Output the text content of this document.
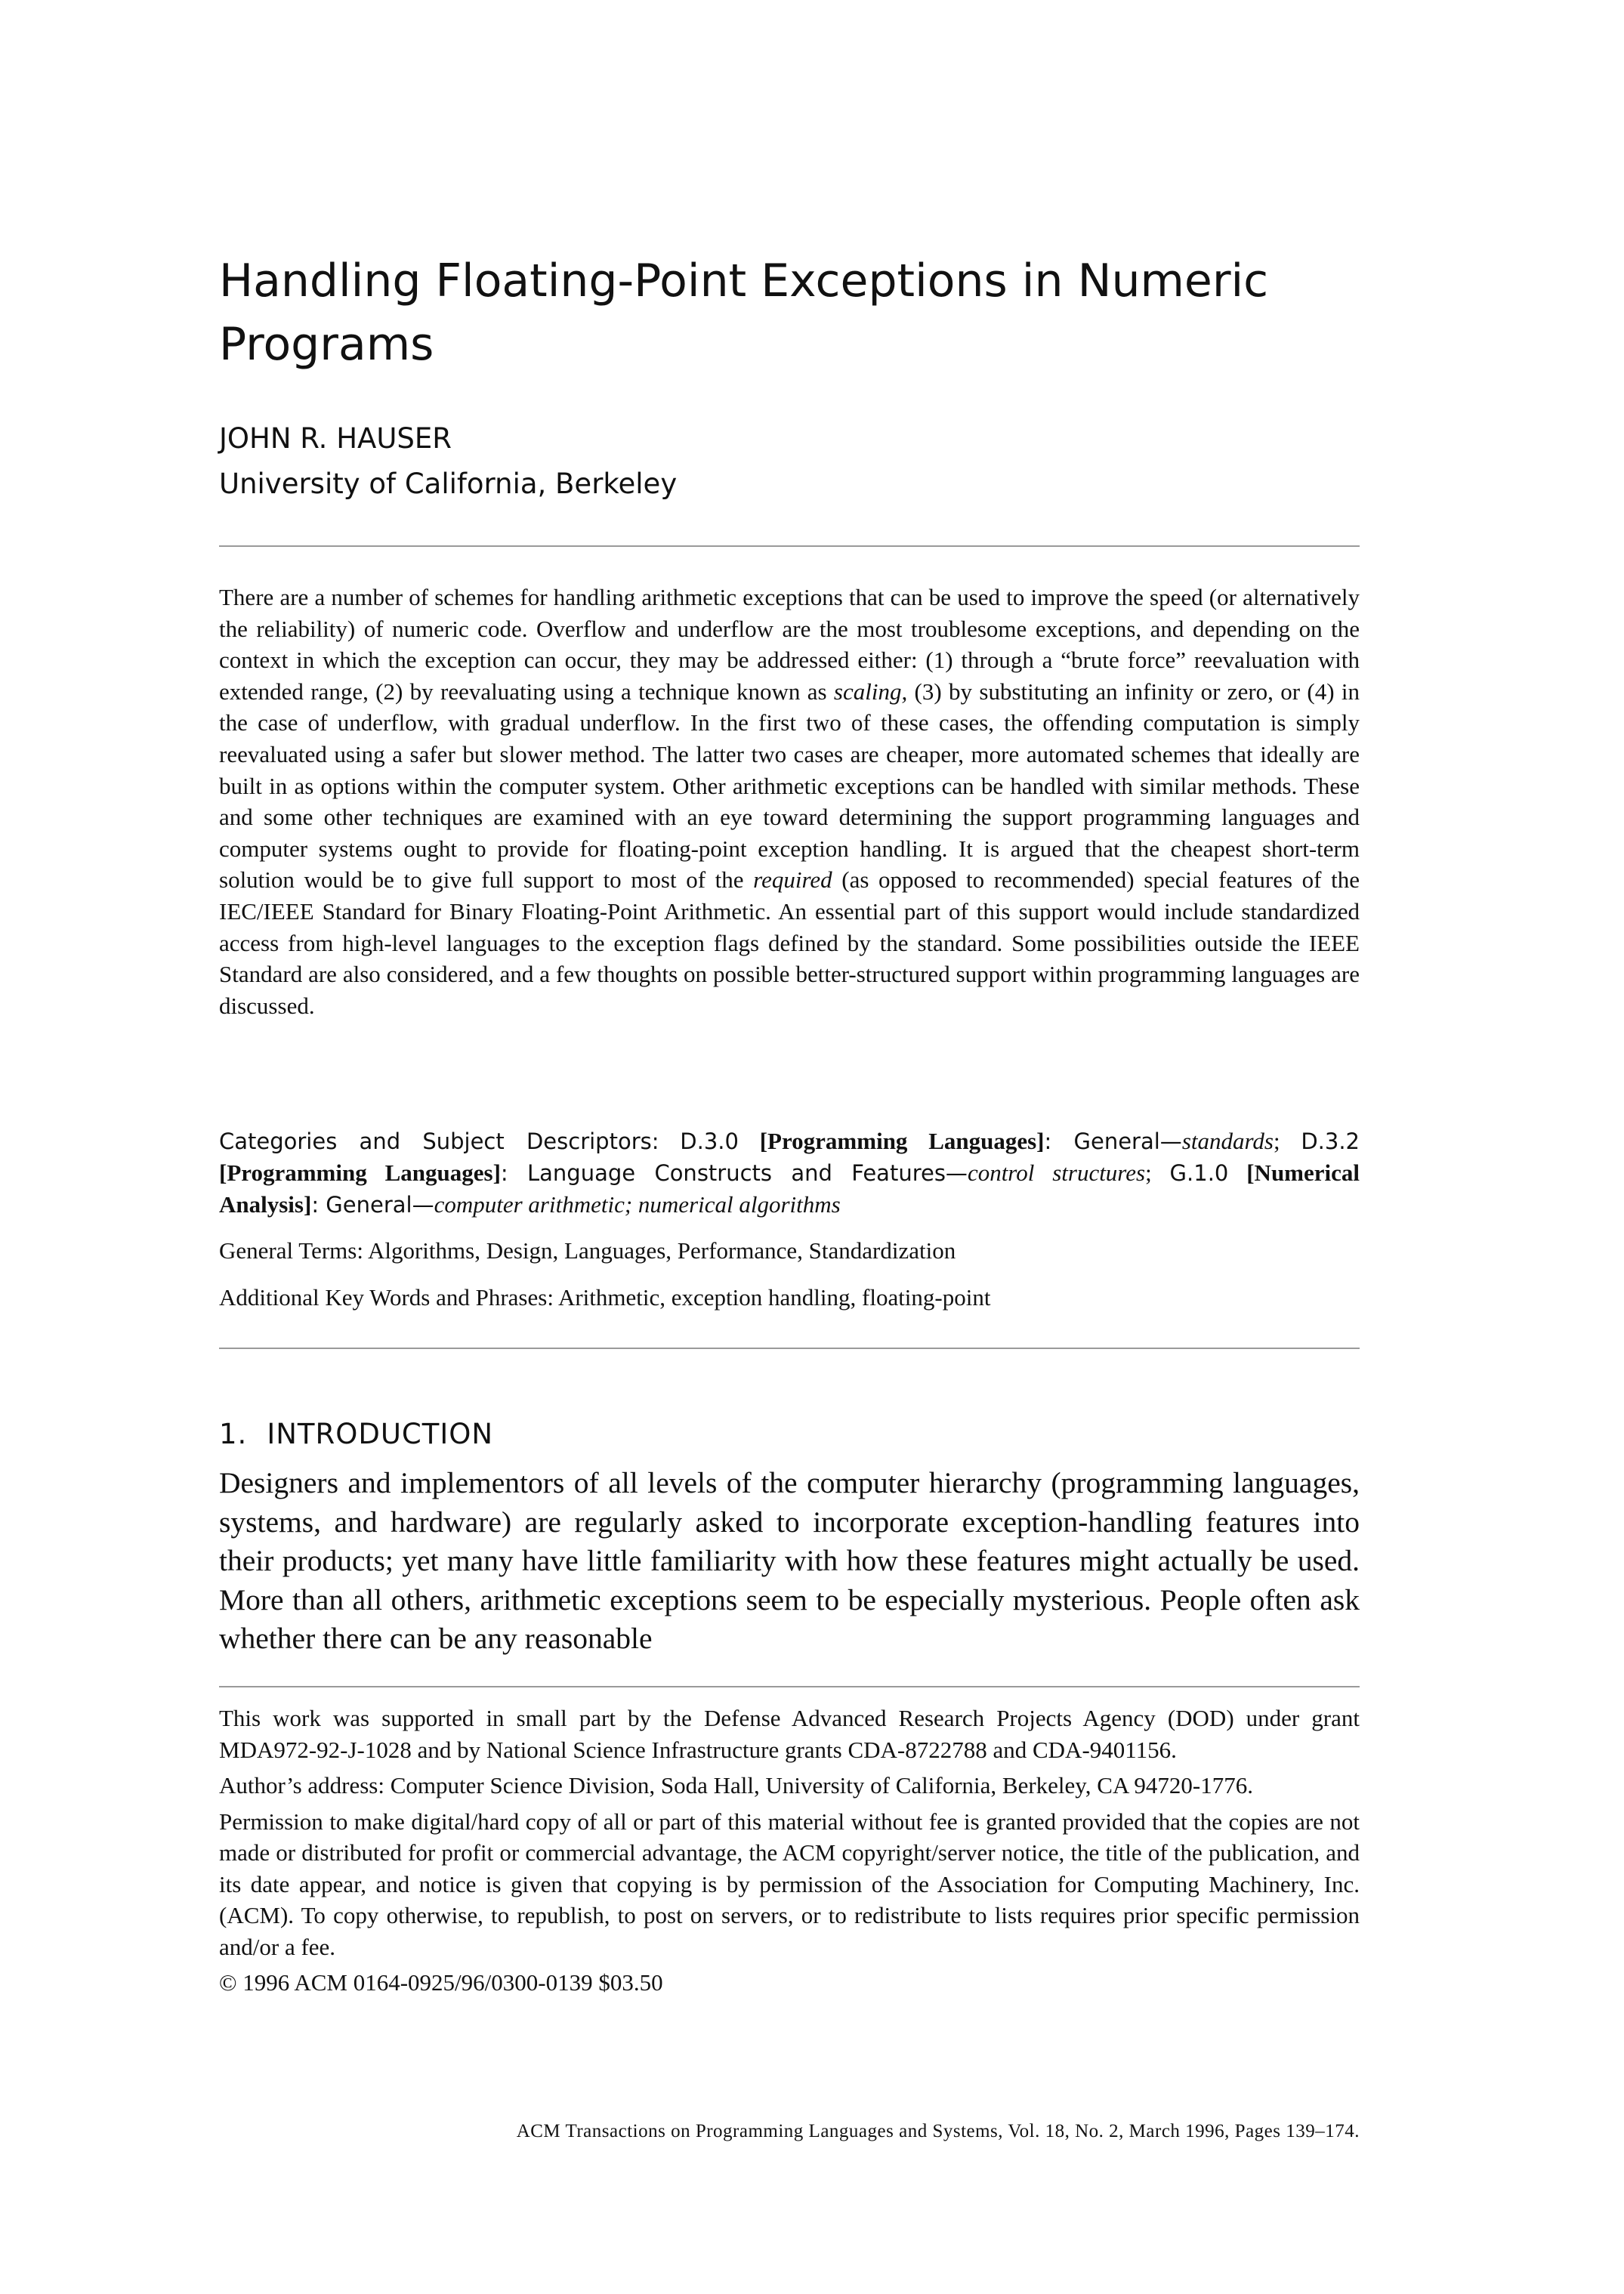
Handling Floating-Point Exceptions in Numeric Programs
JOHN R. HAUSER
University of California, Berkeley

There are a number of schemes for handling arithmetic exceptions that can be used to improve the speed (or alternatively the reliability) of numeric code. Overflow and underflow are the most troublesome exceptions, and depending on the context in which the exception can occur, they may be addressed either: (1) through a “brute force” reevaluation with extended range, (2) by reevaluating using a technique known as scaling, (3) by substituting an infinity or zero, or (4) in the case of underflow, with gradual underflow. In the first two of these cases, the offending computation is simply reevaluated using a safer but slower method. The latter two cases are cheaper, more automated schemes that ideally are built in as options within the computer system. Other arithmetic exceptions can be handled with similar methods. These and some other techniques are examined with an eye toward determining the support programming languages and computer systems ought to provide for floating-point exception handling. It is argued that the cheapest short-term solution would be to give full support to most of the required (as opposed to recommended) special features of the IEC/IEEE Standard for Binary Floating-Point Arithmetic. An essential part of this support would include standardized access from high-level languages to the exception flags defined by the standard. Some possibilities outside the IEEE Standard are also considered, and a few thoughts on possible better-structured support within programming languages are discussed.

Categories and Subject Descriptors: D.3.0 [Programming Languages]: General—standards; D.3.2 [Programming Languages]: Language Constructs and Features—control structures; G.1.0 [Numerical Analysis]: General—computer arithmetic; numerical algorithms
General Terms: Algorithms, Design, Languages, Performance, Standardization
Additional Key Words and Phrases: Arithmetic, exception handling, floating-point
1. INTRODUCTION

Designers and implementors of all levels of the computer hierarchy (programming languages, systems, and hardware) are regularly asked to incorporate exception-handling features into their products; yet many have little familiarity with how these features might actually be used. More than all others, arithmetic exceptions seem to be especially mysterious. People often ask whether there can be any reasonable

This work was supported in small part by the Defense Advanced Research Projects Agency (DOD) under grant MDA972-92-J-1028 and by National Science Infrastructure grants CDA-8722788 and CDA-9401156.

Author’s address: Computer Science Division, Soda Hall, University of California, Berkeley, CA 94720-1776.

Permission to make digital/hard copy of all or part of this material without fee is granted provided that the copies are not made or distributed for profit or commercial advantage, the ACM copyright/server notice, the title of the publication, and its date appear, and notice is given that copying is by permission of the Association for Computing Machinery, Inc. (ACM). To copy otherwise, to republish, to post on servers, or to redistribute to lists requires prior specific permission and/or a fee.

© 1996 ACM 0164-0925/96/0300-0139 $03.50

ACM Transactions on Programming Languages and Systems, Vol. 18, No. 2, March 1996, Pages 139–174.
